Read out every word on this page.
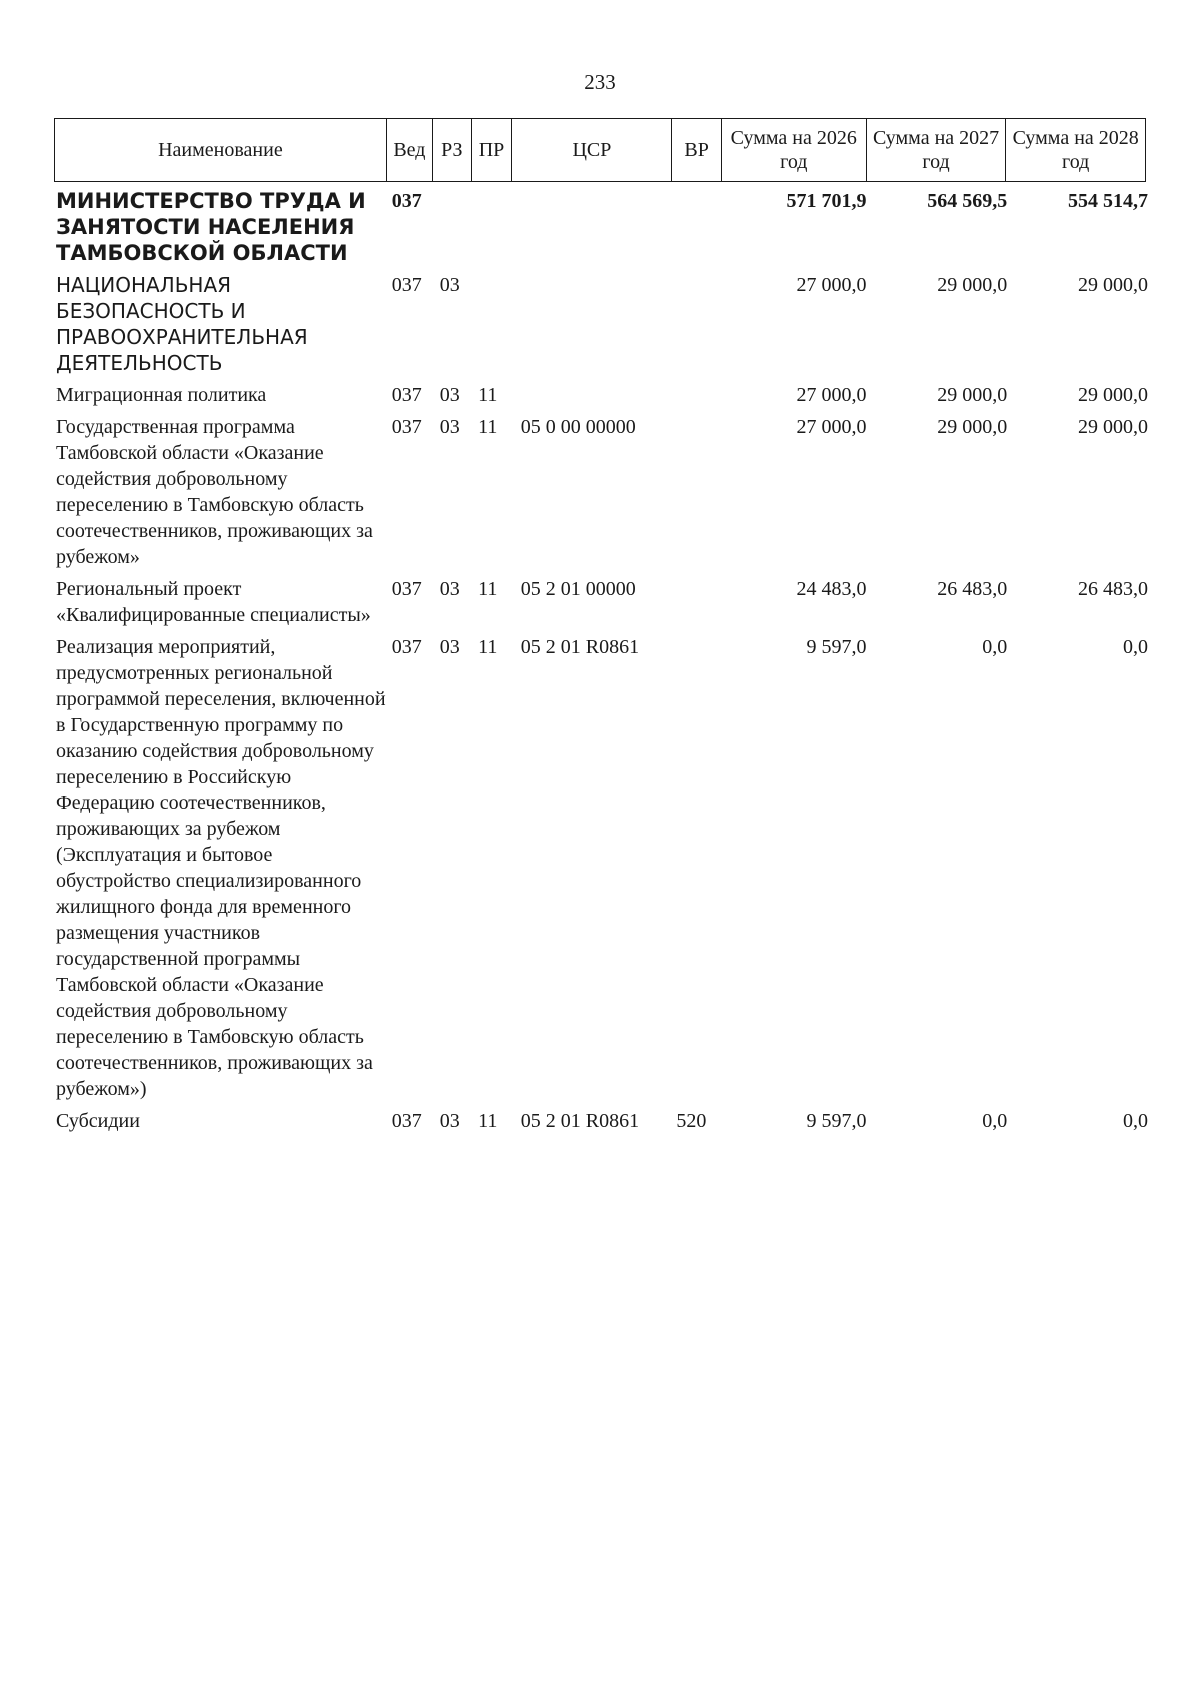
233
Наименование	Вед	РЗ	ПР	ЦСР	ВР	Сумма на 2026 год	Сумма на 2027 год	Сумма на 2028 год
МИНИСТЕРСТВО ТРУДА И ЗАНЯТОСТИ НАСЕЛЕНИЯ ТАМБОВСКОЙ ОБЛАСТИ	037					571 701,9	564 569,5	554 514,7
НАЦИОНАЛЬНАЯ БЕЗОПАСНОСТЬ И ПРАВООХРАНИТЕЛЬНАЯ ДЕЯТЕЛЬНОСТЬ	037	03				27 000,0	29 000,0	29 000,0
Миграционная политика	037	03	11			27 000,0	29 000,0	29 000,0
Государственная программа Тамбовской области «Оказание содействия добровольному переселению в Тамбовскую область соотечественников, проживающих за рубежом»	037	03	11	05 0 00 00000		27 000,0	29 000,0	29 000,0
Региональный проект «Квалифицированные специалисты»	037	03	11	05 2 01 00000		24 483,0	26 483,0	26 483,0
Реализация мероприятий, предусмотренных региональной программой переселения, включенной в Государственную программу по оказанию содействия добровольному переселению в Российскую Федерацию соотечественников, проживающих за рубежом (Эксплуатация и бытовое обустройство специализированного жилищного фонда для временного размещения участников государственной программы Тамбовской области «Оказание содействия добровольному переселению в Тамбовскую область соотечественников, проживающих за рубежом»)	037	03	11	05 2 01 R0861		9 597,0	0,0	0,0
Субсидии	037	03	11	05 2 01 R0861	520	9 597,0	0,0	0,0
